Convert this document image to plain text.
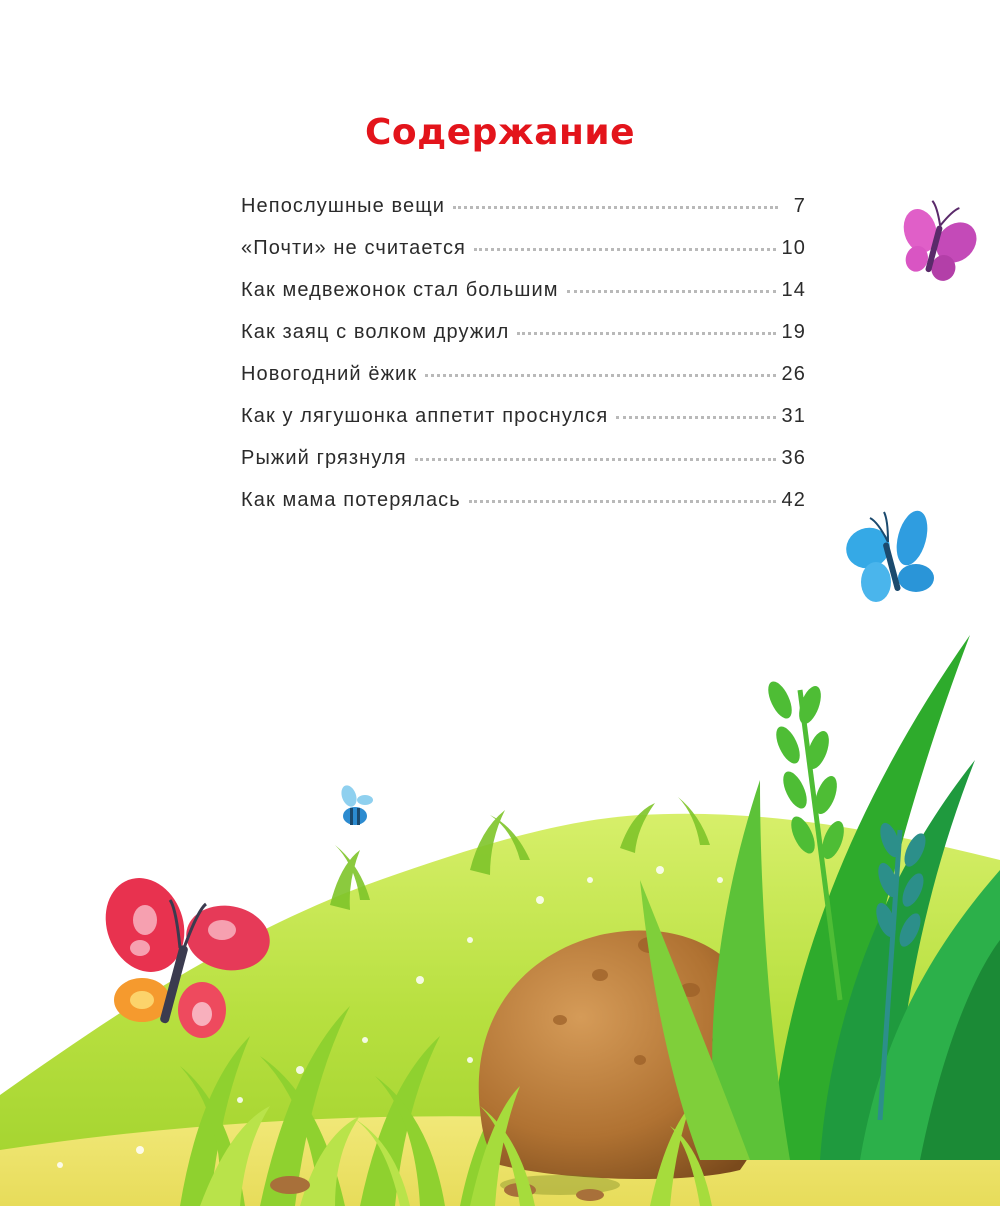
Содержание
Непослушные вещи	7
«Почти» не считается	10
Как медвежонок стал большим	14
Как заяц с волком дружил	19
Новогодний ёжик	26
Как у лягушонка аппетит проснулся	31
Рыжий грязнуля	36
Как мама потерялась	42
